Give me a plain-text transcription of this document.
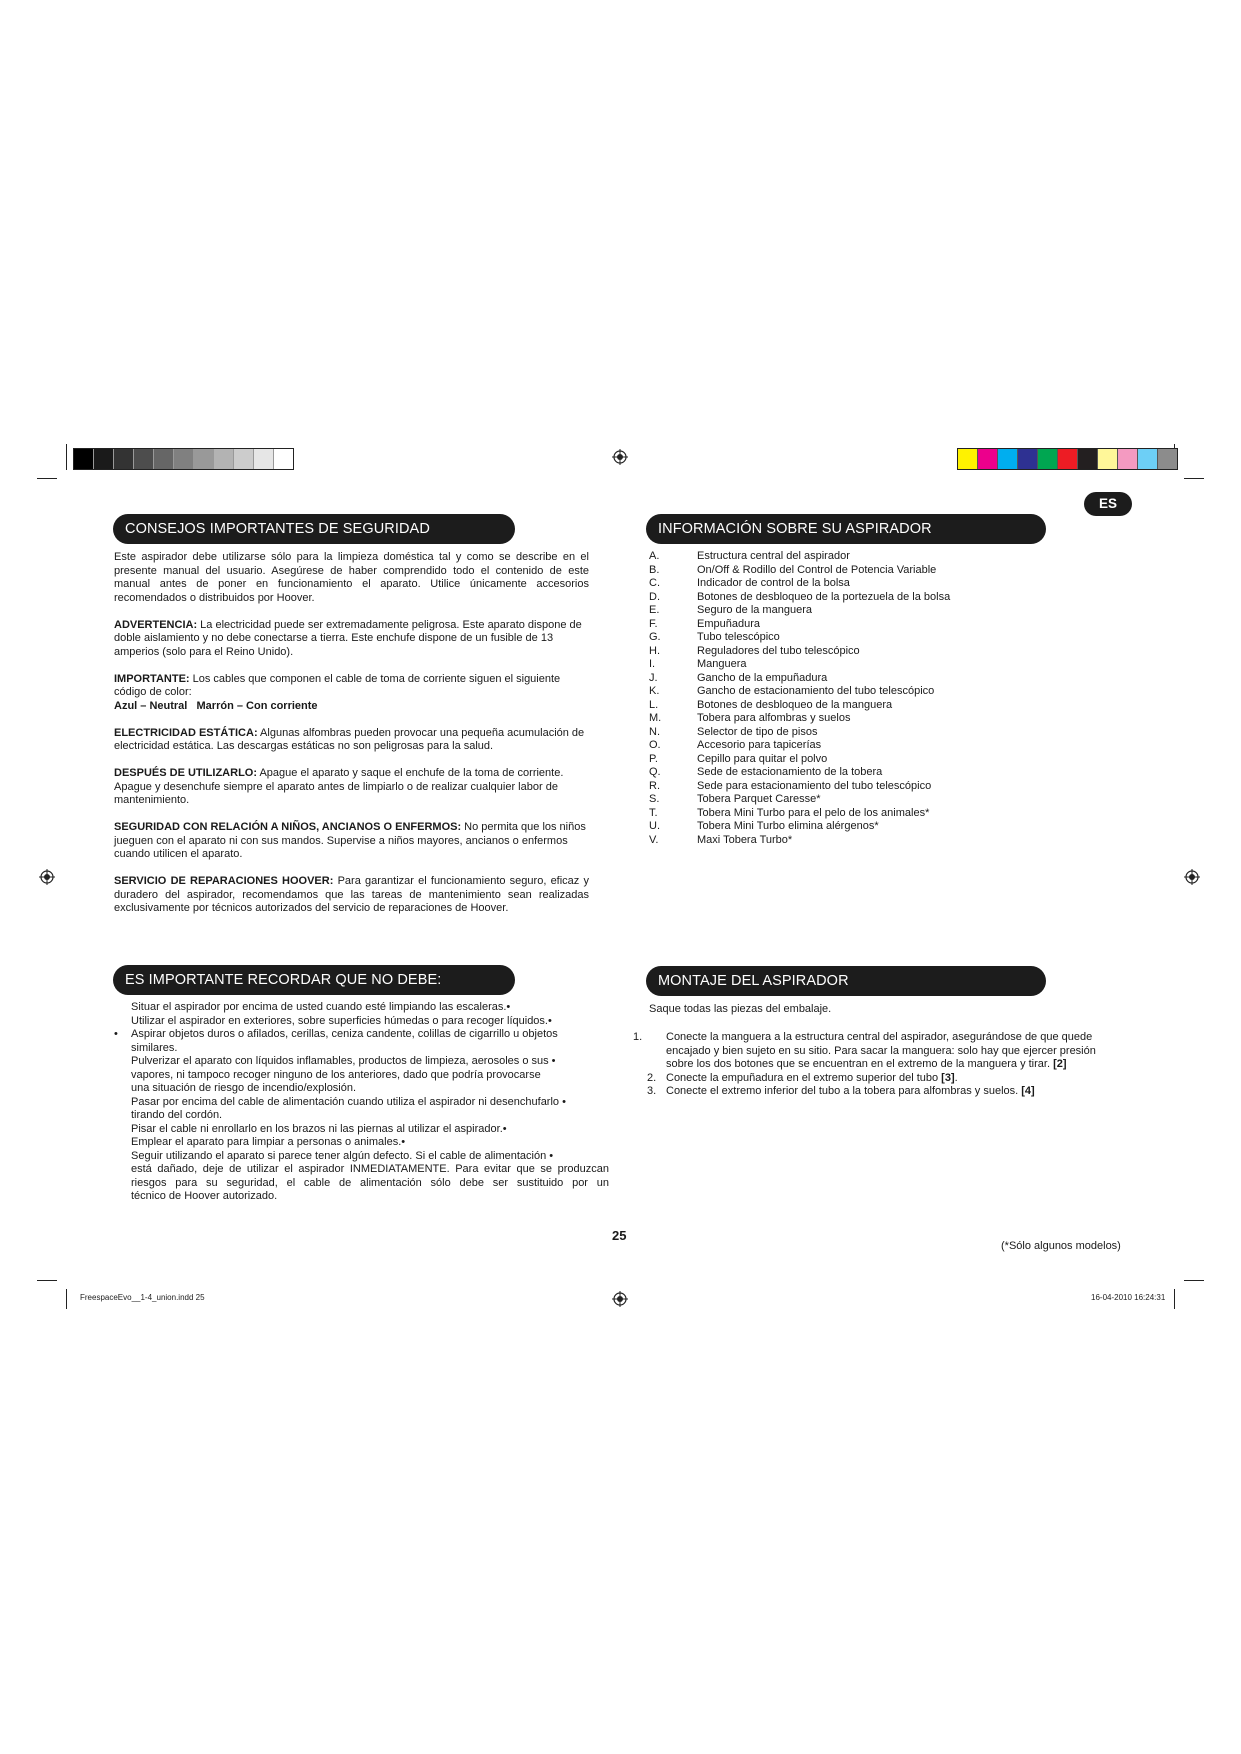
ES
CONSEJOS IMPORTANTES DE SEGURIDAD

Este aspirador debe utilizarse sólo para la limpieza doméstica tal y como se describe en el presente manual del usuario. Asegúrese de haber comprendido todo el contenido de este manual antes de poner en funcionamiento el aparato. Utilice únicamente accesorios recomendados o distribuidos por Hoover.

ADVERTENCIA: La electricidad puede ser extremadamente peligrosa. Este aparato dispone de doble aislamiento y no debe conectarse a tierra. Este enchufe dispone de un fusible de 13 amperios (solo para el Reino Unido).

IMPORTANTE: Los cables que componen el cable de toma de corriente siguen el siguiente código de color:
Azul – Neutral   Marrón – Con corriente

ELECTRICIDAD ESTÁTICA: Algunas alfombras pueden provocar una pequeña acumulación de electricidad estática. Las descargas estáticas no son peligrosas para la salud.

DESPUÉS DE UTILIZARLO: Apague el aparato y saque el enchufe de la toma de corriente. Apague y desenchufe siempre el aparato antes de limpiarlo o de realizar cualquier labor de mantenimiento.

SEGURIDAD CON RELACIÓN A NIÑOS, ANCIANOS O ENFERMOS: No permita que los niños jueguen con el aparato ni con sus mandos. Supervise a niños mayores, ancianos o enfermos cuando utilicen el aparato.

SERVICIO DE REPARACIONES HOOVER: Para garantizar el funcionamiento seguro, eficaz y duradero del aspirador, recomendamos que las tareas de mantenimiento sean realizadas exclusivamente por técnicos autorizados del servicio de reparaciones de Hoover.

INFORMACIÓN SOBRE SU ASPIRADOR
A.	Estructura central del aspirador
B.	On/Off & Rodillo del Control de Potencia Variable
C.	Indicador de control de la bolsa
D.	Botones de desbloqueo de la portezuela de la bolsa
E.	Seguro de la manguera
F.	Empuñadura
G.	Tubo telescópico
H.	Reguladores del tubo telescópico
I.	Manguera
J.	Gancho de la empuñadura
K.	Gancho de estacionamiento del tubo telescópico
L.	Botones de desbloqueo de la manguera
M.	Tobera para alfombras y suelos
N.	Selector de tipo de pisos
O.	Accesorio para tapicerías
P.	Cepillo para quitar el polvo
Q.	Sede de estacionamiento de la tobera
R.	Sede para estacionamiento del tubo telescópico
S.	Tobera Parquet Caresse*
T.	Tobera Mini Turbo para el pelo de los animales*
U.	Tobera Mini Turbo elimina alérgenos*
V.	Maxi Tobera Turbo*
ES IMPORTANTE RECORDAR QUE NO DEBE:
•
Situar el aspirador por encima de usted cuando esté limpiando las escaleras.•
Utilizar el aspirador en exteriores, sobre superficies húmedas o para recoger líquidos.•
Aspirar objetos duros o afilados, cerillas, ceniza candente, colillas de cigarrillo u objetos
similares.
Pulverizar el aparato con líquidos inflamables, productos de limpieza, aerosoles o sus •
vapores, ni tampoco recoger ninguno de los anteriores, dado que podría provocarse
una situación de riesgo de incendio/explosión.
Pasar por encima del cable de alimentación cuando utiliza el aspirador ni desenchufarlo •
tirando del cordón.
Pisar el cable ni enrollarlo en los brazos ni las piernas al utilizar el aspirador.•
Emplear el aparato para limpiar a personas o animales.•
Seguir utilizando el aparato si parece tener algún defecto. Si el cable de alimentación •
está dañado, deje de utilizar el aspirador INMEDIATAMENTE. Para evitar que se produzcan
riesgos para su seguridad, el cable de alimentación sólo debe ser sustituido por un
técnico de Hoover autorizado.
MONTAJE DEL ASPIRADOR
Saque todas las piezas del embalaje.
1.	Conecte la manguera a la estructura central del aspirador, asegurándose de que quede encajado y bien sujeto en su sitio. Para sacar la manguera: solo hay que ejercer presión sobre los dos botones que se encuentran en el extremo de la manguera y tirar. [2]
2. Conecte la empuñadura en el extremo superior del tubo [3].
3. Conecte el extremo inferior del tubo a la tobera para alfombras y suelos. [4]
25
(*Sólo algunos modelos)
FreespaceEvo__1-4_union.indd 25	16-04-2010 16:24:31
